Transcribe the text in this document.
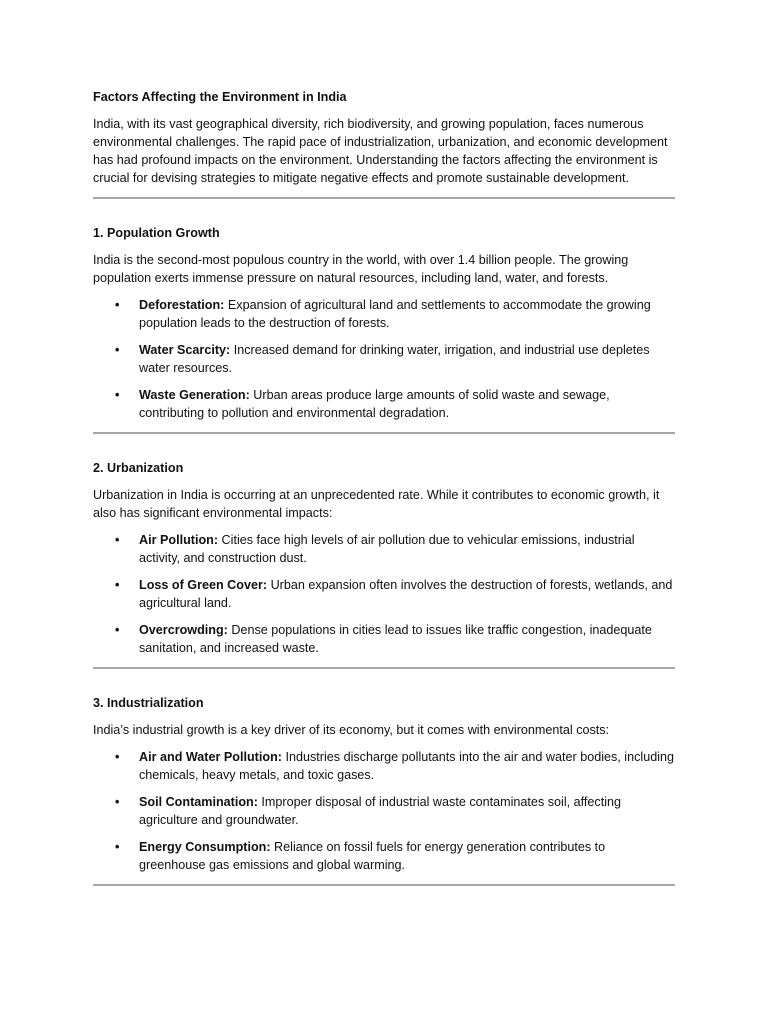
Factors Affecting the Environment in India
India, with its vast geographical diversity, rich biodiversity, and growing population, faces numerous environmental challenges. The rapid pace of industrialization, urbanization, and economic development has had profound impacts on the environment. Understanding the factors affecting the environment is crucial for devising strategies to mitigate negative effects and promote sustainable development.
1. Population Growth
India is the second-most populous country in the world, with over 1.4 billion people. The growing population exerts immense pressure on natural resources, including land, water, and forests.
• Deforestation: Expansion of agricultural land and settlements to accommodate the growing population leads to the destruction of forests.
• Water Scarcity: Increased demand for drinking water, irrigation, and industrial use depletes water resources.
• Waste Generation: Urban areas produce large amounts of solid waste and sewage, contributing to pollution and environmental degradation.
2. Urbanization
Urbanization in India is occurring at an unprecedented rate. While it contributes to economic growth, it also has significant environmental impacts:
• Air Pollution: Cities face high levels of air pollution due to vehicular emissions, industrial activity, and construction dust.
• Loss of Green Cover: Urban expansion often involves the destruction of forests, wetlands, and agricultural land.
• Overcrowding: Dense populations in cities lead to issues like traffic congestion, inadequate sanitation, and increased waste.
3. Industrialization
India’s industrial growth is a key driver of its economy, but it comes with environmental costs:
• Air and Water Pollution: Industries discharge pollutants into the air and water bodies, including chemicals, heavy metals, and toxic gases.
• Soil Contamination: Improper disposal of industrial waste contaminates soil, affecting agriculture and groundwater.
• Energy Consumption: Reliance on fossil fuels for energy generation contributes to greenhouse gas emissions and global warming.
